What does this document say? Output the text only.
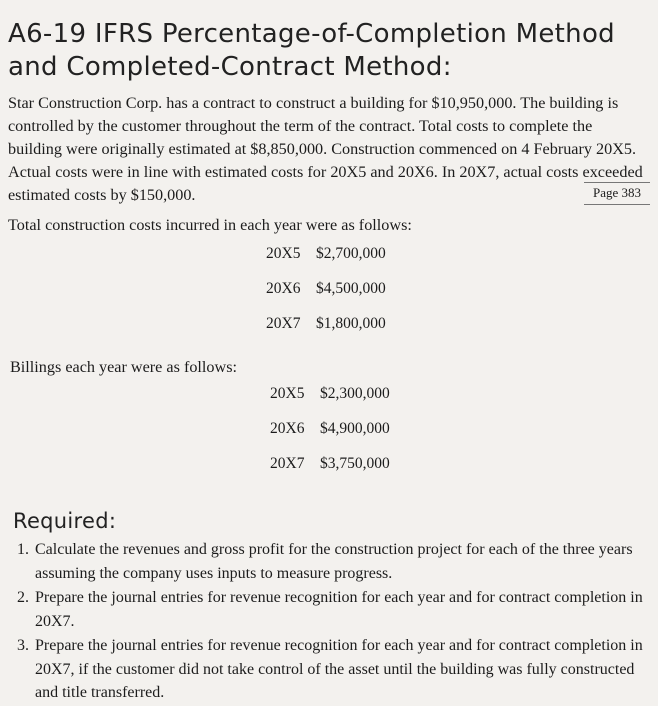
A6-19 IFRS Percentage-of-Completion Method and Completed-Contract Method:

Star Construction Corp. has a contract to construct a building for $10,950,000. The building is controlled by the customer throughout the term of the contract. Total costs to complete the building were originally estimated at $8,850,000. Construction commenced on 4 February 20X5. Actual costs were in line with estimated costs for 20X5 and 20X6. In 20X7, actual costs exceeded estimated costs by $150,000.	Page 383

Total construction costs incurred in each year were as follows:

20X5 $2,700,000
20X6 $4,500,000
20X7 $1,800,000

Billings each year were as follows:

20X5 $2,300,000
20X6 $4,900,000
20X7 $3,750,000
Required:
1. Calculate the revenues and gross profit for the construction project for each of the three years assuming the company uses inputs to measure progress.
2. Prepare the journal entries for revenue recognition for each year and for contract completion in 20X7.
3. Prepare the journal entries for revenue recognition for each year and for contract completion in 20X7, if the customer did not take control of the asset until the building was fully constructed and title transferred.
